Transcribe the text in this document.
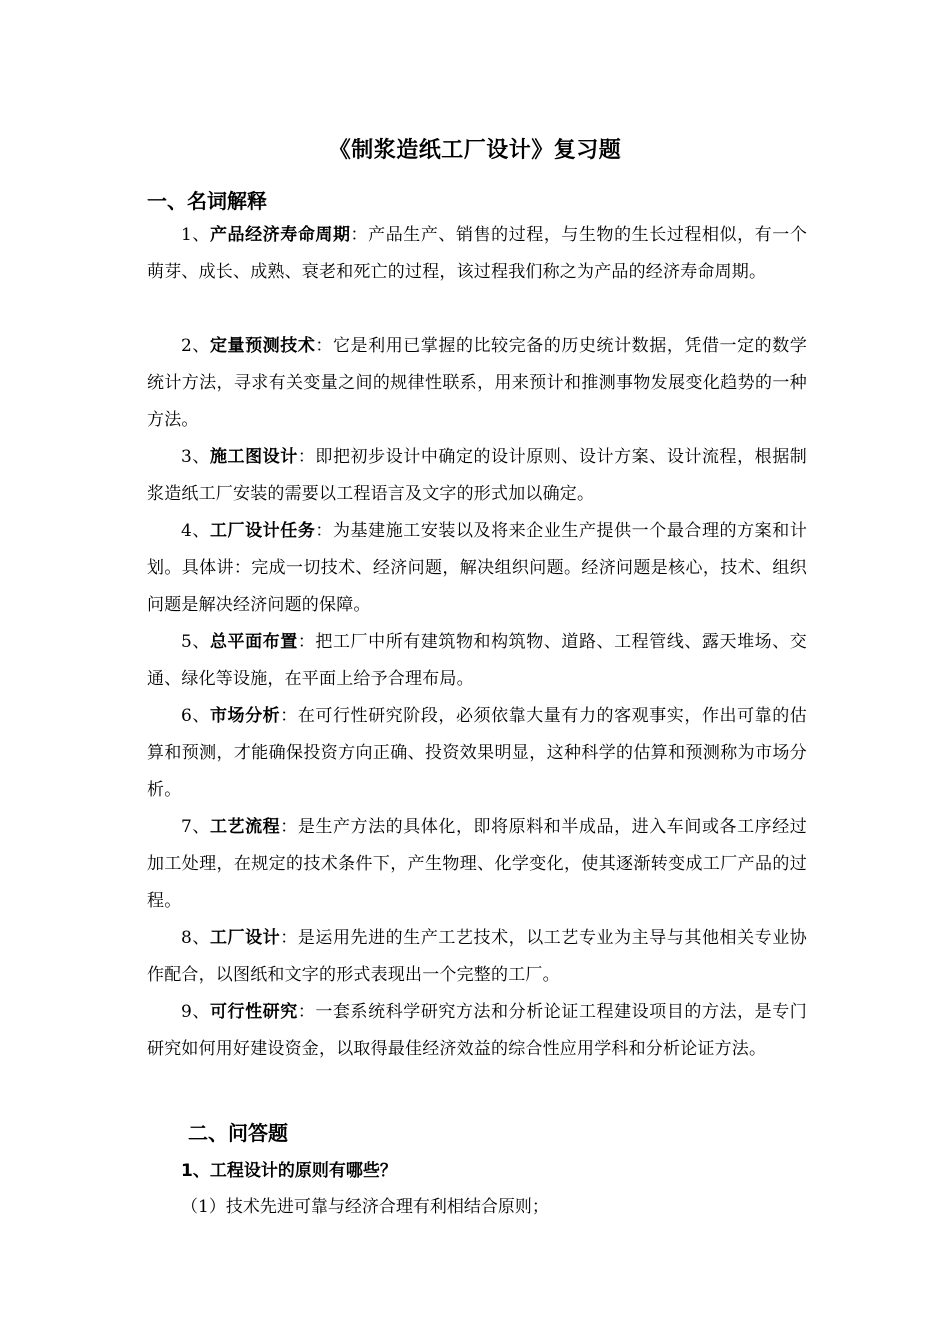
《制浆造纸工厂设计》复习题
一、名词解释

1、产品经济寿命周期：产品生产、销售的过程，与生物的生长过程相似，有一个萌芽、成长、成熟、衰老和死亡的过程，该过程我们称之为产品的经济寿命周期。

2、定量预测技术：它是利用已掌握的比较完备的历史统计数据，凭借一定的数学统计方法，寻求有关变量之间的规律性联系，用来预计和推测事物发展变化趋势的一种方法。

3、施工图设计：即把初步设计中确定的设计原则、设计方案、设计流程，根据制浆造纸工厂安装的需要以工程语言及文字的形式加以确定。

4、工厂设计任务：为基建施工安装以及将来企业生产提供一个最合理的方案和计划。具体讲：完成一切技术、经济问题，解决组织问题。经济问题是核心，技术、组织问题是解决经济问题的保障。

5、总平面布置：把工厂中所有建筑物和构筑物、道路、工程管线、露天堆场、交通、绿化等设施，在平面上给予合理布局。

6、市场分析：在可行性研究阶段，必须依靠大量有力的客观事实，作出可靠的估算和预测，才能确保投资方向正确、投资效果明显，这种科学的估算和预测称为市场分析。

7、工艺流程：是生产方法的具体化，即将原料和半成品，进入车间或各工序经过加工处理，在规定的技术条件下，产生物理、化学变化，使其逐渐转变成工厂产品的过程。

8、工厂设计：是运用先进的生产工艺技术，以工艺专业为主导与其他相关专业协作配合，以图纸和文字的形式表现出一个完整的工厂。

9、可行性研究：一套系统科学研究方法和分析论证工程建设项目的方法，是专门研究如何用好建设资金，以取得最佳经济效益的综合性应用学科和分析论证方法。

二、问答题
1、工程设计的原则有哪些？
（1）技术先进可靠与经济合理有利相结合原则；
